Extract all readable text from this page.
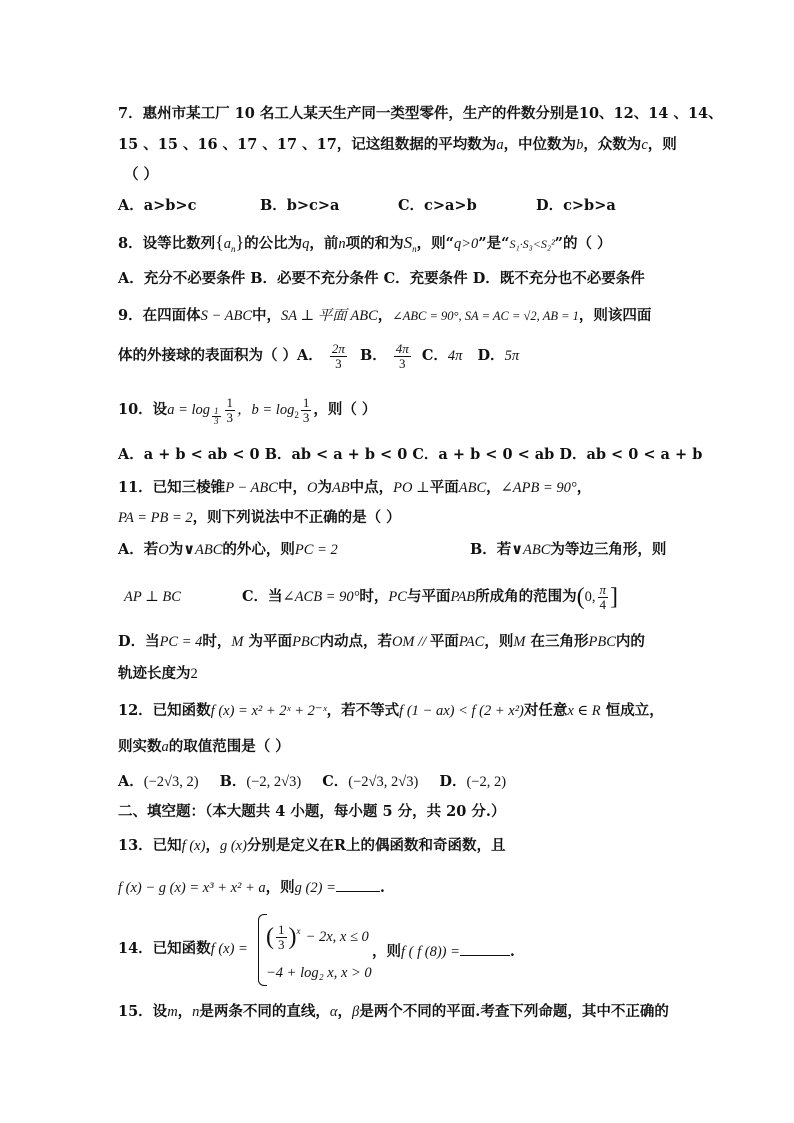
7．惠州市某工厂 10 名工人某天生产同一类型零件，生产的件数分别是10、12、14 、14、
15 、15 、16 、17 、17 、17，记这组数据的平均数为a，中位数为b，众数为c，则
（ ）
A．a>b>c	B．b>c>a	C．c>a>b	D．c>b>a
8．设等比数列$\{a_n\}$的公比为q，前n项的和为$S_n$，则“q>0”是“S₁·S₃<S₂²”的（ ）
A．充分不必要条件 B．必要不充分条件 C．充要条件 D．既不充分也不必要条件
9．在四面体S − ABC中，SA ⊥ 平面 ABC，∠ABC = 90°, SA = AC = √2, AB = 1，则该四面
体的外接球的表面积为（ ）A． $\frac{2\pi}{3}$ B． $\frac{4\pi}{3}$ C．4π D．5π
10．设$a = \log \frac{1}{3} \frac{1}{3}$ ，$b = \log_2 \frac{1}{3}$ ，则（ ）
A．a + b < ab < 0 B．ab < a + b < 0 C．a + b < 0 < ab D．ab < 0 < a + b
11．已知三棱锥P − ABC中，O为AB中点，PO ⊥平面ABC，∠APB = 90°，
PA = PB = 2，则下列说法中不正确的是（ ）
A．若O为∨ABC的外心，则PC = 2	B．若∨ABC为等边三角形，则
AP ⊥ BC	C．当∠ACB = 90°时，PC与平面PAB所成角的范围为(0, $\frac{\pi}{4}$ ]
D．当PC = 4时，M 为平面PBC内动点，若OM // 平面PAC，则M 在三角形PBC内的
轨迹长度为2
12．已知函数f (x) = x² + 2ˣ + 2⁻ˣ，若不等式f (1 − ax) < f (2 + x²)对任意x ∈ R 恒成立，
则实数a的取值范围是（ ）
A．(−2√3, 2) B．(−2, 2√3) C．(−2√3, 2√3) D．(−2, 2)
二、填空题：（本大题共 4 小题，每小题 5 分，共 20 分.）
13．已知f (x)，g (x)分别是定义在R上的偶函数和奇函数，且
f (x) − g (x) = x³ + x² + a，则g (2) =	.
14．已知函数f (x) = ( $\frac{1}{3} )^x - 2x$, x ≤ 0
−4 + log₂ x, x > 0
，则f ( f (8)) =	.
15．设m，n是两条不同的直线，α，β是两个不同的平面.考查下列命题，其中不正确的
